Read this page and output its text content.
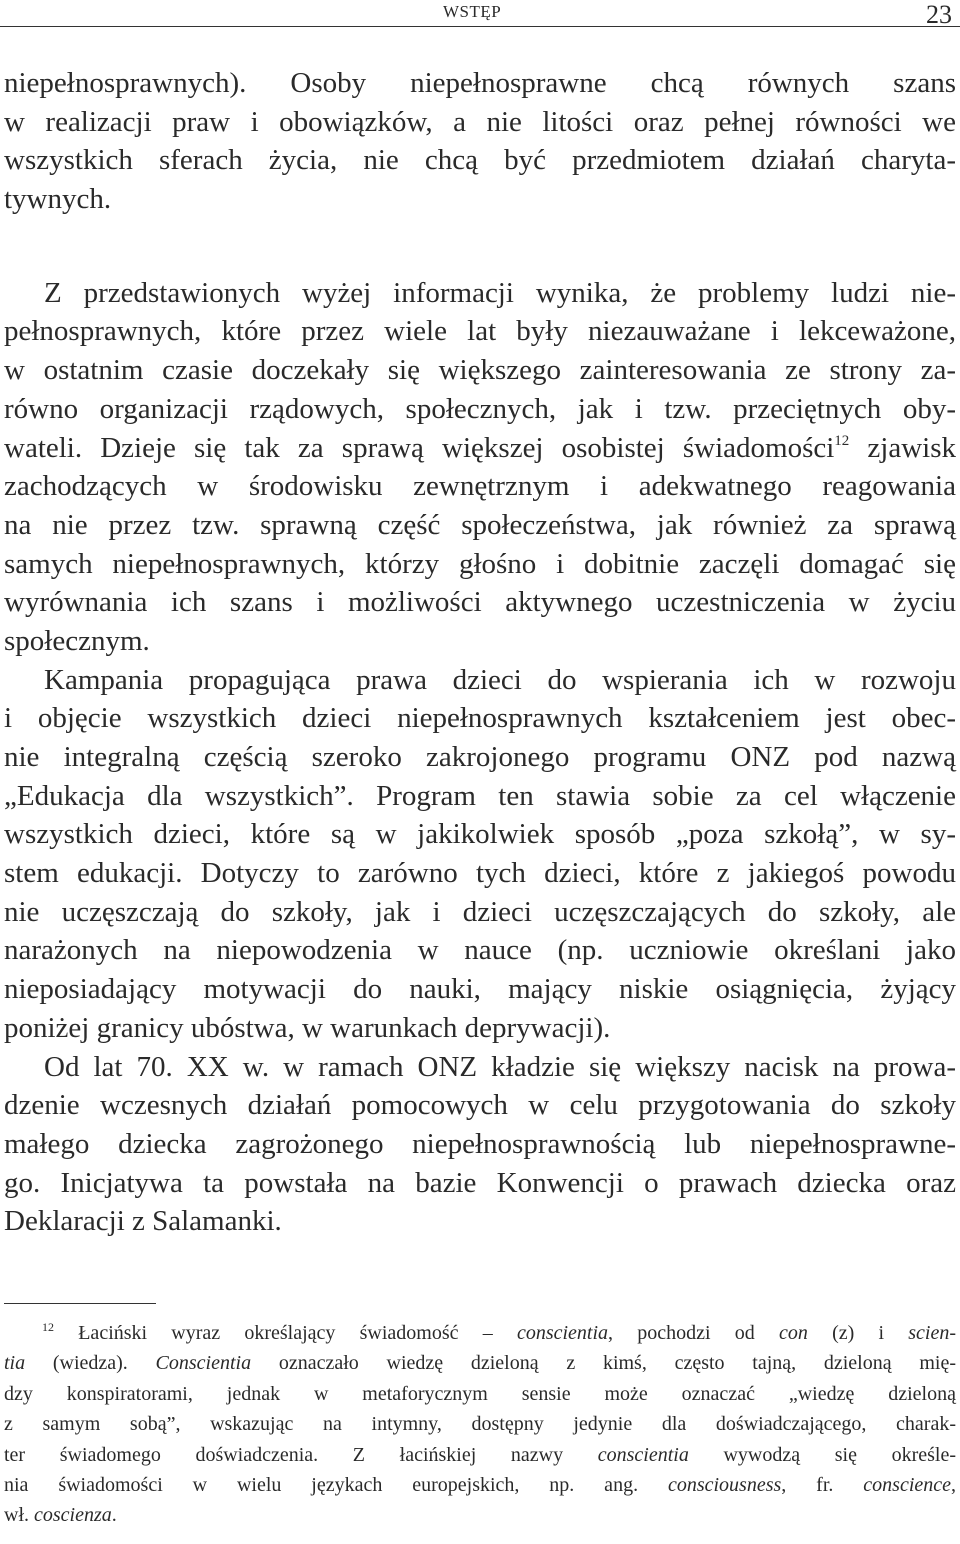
WSTĘP	23
niepełnosprawnych). Osoby niepełnosprawne chcą równych szans
w realizacji praw i obowiązków, a nie litości oraz pełnej równości we
wszystkich sferach życia, nie chcą być przedmiotem działań charyta-
tywnych.
Z przedstawionych wyżej informacji wynika, że problemy ludzi nie-
pełnosprawnych, które przez wiele lat były niezauważane i lekceważone,
w ostatnim czasie doczekały się większego zainteresowania ze strony za-
równo organizacji rządowych, społecznych, jak i tzw. przeciętnych oby-
wateli. Dzieje się tak za sprawą większej osobistej świadomości$^{12}$ zjawisk
zachodzących w środowisku zewnętrznym i adekwatnego reagowania
na nie przez tzw. sprawną część społeczeństwa, jak również za sprawą
samych niepełnosprawnych, którzy głośno i dobitnie zaczęli domagać się
wyrównania ich szans i możliwości aktywnego uczestniczenia w życiu
społecznym.
Kampania propagująca prawa dzieci do wspierania ich w rozwoju
i objęcie wszystkich dzieci niepełnosprawnych kształceniem jest obec-
nie integralną częścią szeroko zakrojonego programu ONZ pod nazwą
„Edukacja dla wszystkich”. Program ten stawia sobie za cel włączenie
wszystkich dzieci, które są w jakikolwiek sposób „poza szkołą”, w sy-
stem edukacji. Dotyczy to zarówno tych dzieci, które z jakiegoś powodu
nie uczęszczają do szkoły, jak i dzieci uczęszczających do szkoły, ale
narażonych na niepowodzenia w nauce (np. uczniowie określani jako
nieposiadający motywacji do nauki, mający niskie osiągnięcia, żyjący
poniżej granicy ubóstwa, w warunkach deprywacji).
Od lat 70. XX w. w ramach ONZ kładzie się większy nacisk na prowa-
dzenie wczesnych działań pomocowych w celu przygotowania do szkoły
małego dziecka zagrożonego niepełnosprawnością lub niepełnosprawne-
go. Inicjatywa ta powstała na bazie Konwencji o prawach dziecka oraz
Deklaracji z Salamanki.
$^{12}$ Łaciński wyraz określający świadomość – conscientia, pochodzi od con (z) i scien-
tia (wiedza). Conscientia oznaczało wiedzę dzieloną z kimś, często tajną, dzieloną mię-
dzy konspiratorami, jednak w metaforycznym sensie może oznaczać „wiedzę dzieloną
z samym sobą”, wskazując na intymny, dostępny jedynie dla doświadczającego, charak-
ter świadomego doświadczenia. Z łacińskiej nazwy conscientia wywodzą się określe-
nia świadomości w wielu językach europejskich, np. ang. consciousness, fr. conscience,
wł. coscienza.
